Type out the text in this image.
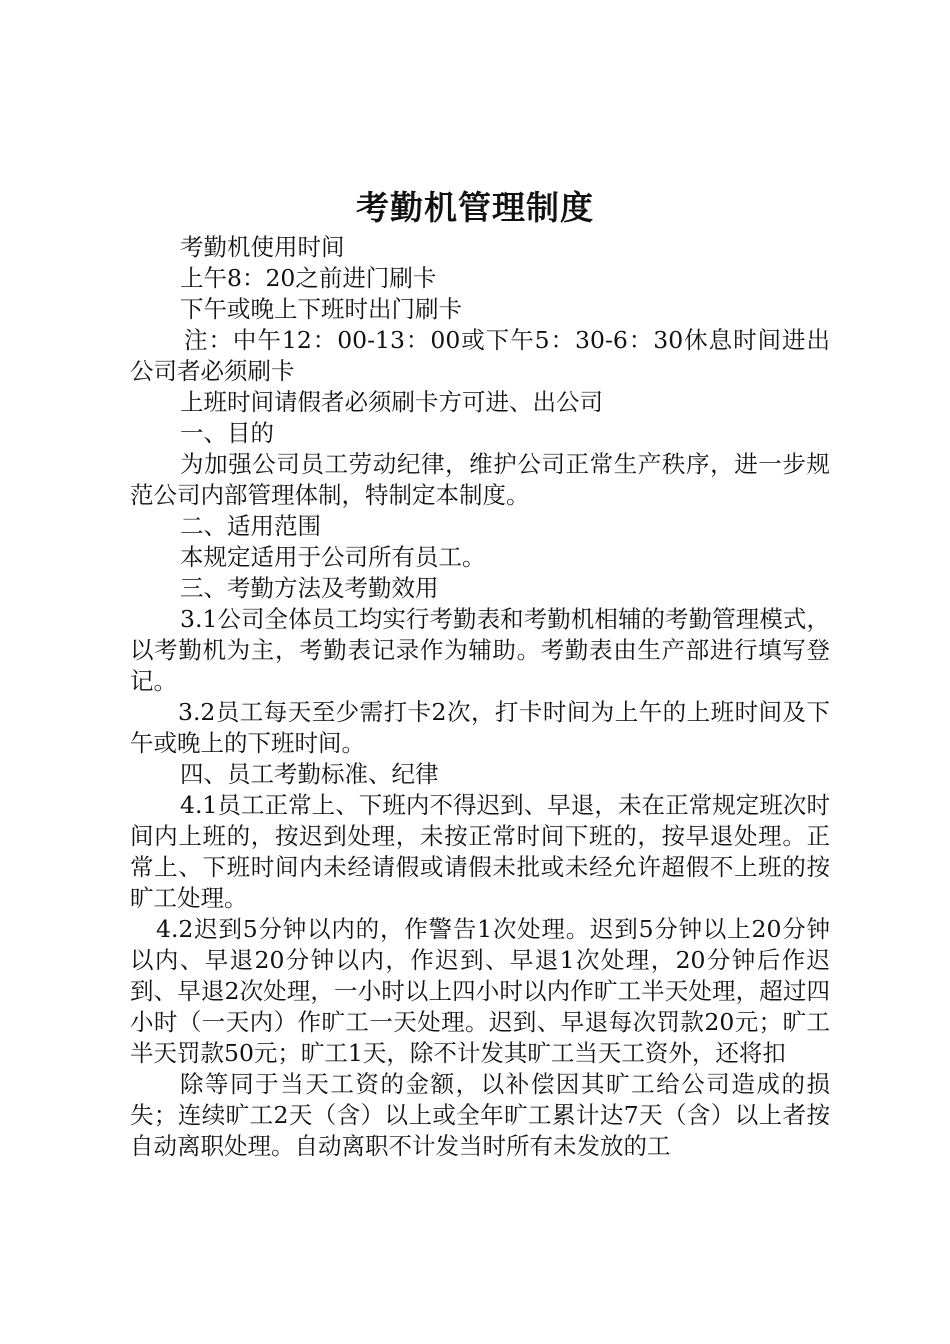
考勤机管理制度

考勤机使用时间

上午8：20之前进门刷卡

下午或晚上下班时出门刷卡

注：中午12：00-13：00或下午5：30-6：30休息时间进出公司者必须刷卡

上班时间请假者必须刷卡方可进、出公司

一、目的

为加强公司员工劳动纪律，维护公司正常生产秩序，进一步规范公司内部管理体制，特制定本制度。

二、适用范围

本规定适用于公司所有员工。

三、考勤方法及考勤效用

3.1公司全体员工均实行考勤表和考勤机相辅的考勤管理模式，以考勤机为主，考勤表记录作为辅助。考勤表由生产部进行填写登记。

3.2员工每天至少需打卡2次，打卡时间为上午的上班时间及下午或晚上的下班时间。

四、员工考勤标准、纪律

4.1员工正常上、下班内不得迟到、早退，未在正常规定班次时间内上班的，按迟到处理，未按正常时间下班的，按早退处理。正常上、下班时间内未经请假或请假未批或未经允许超假不上班的按旷工处理。

4.2迟到5分钟以内的，作警告1次处理。迟到5分钟以上20分钟以内、早退20分钟以内，作迟到、早退1次处理，20分钟后作迟到、早退2次处理，一小时以上四小时以内作旷工半天处理，超过四小时（一天内）作旷工一天处理。迟到、早退每次罚款20元；旷工半天罚款50元；旷工1天，除不计发其旷工当天工资外，还将扣

除等同于当天工资的金额，以补偿因其旷工给公司造成的损失；连续旷工2天（含）以上或全年旷工累计达7天（含）以上者按自动离职处理。自动离职不计发当时所有未发放的工
